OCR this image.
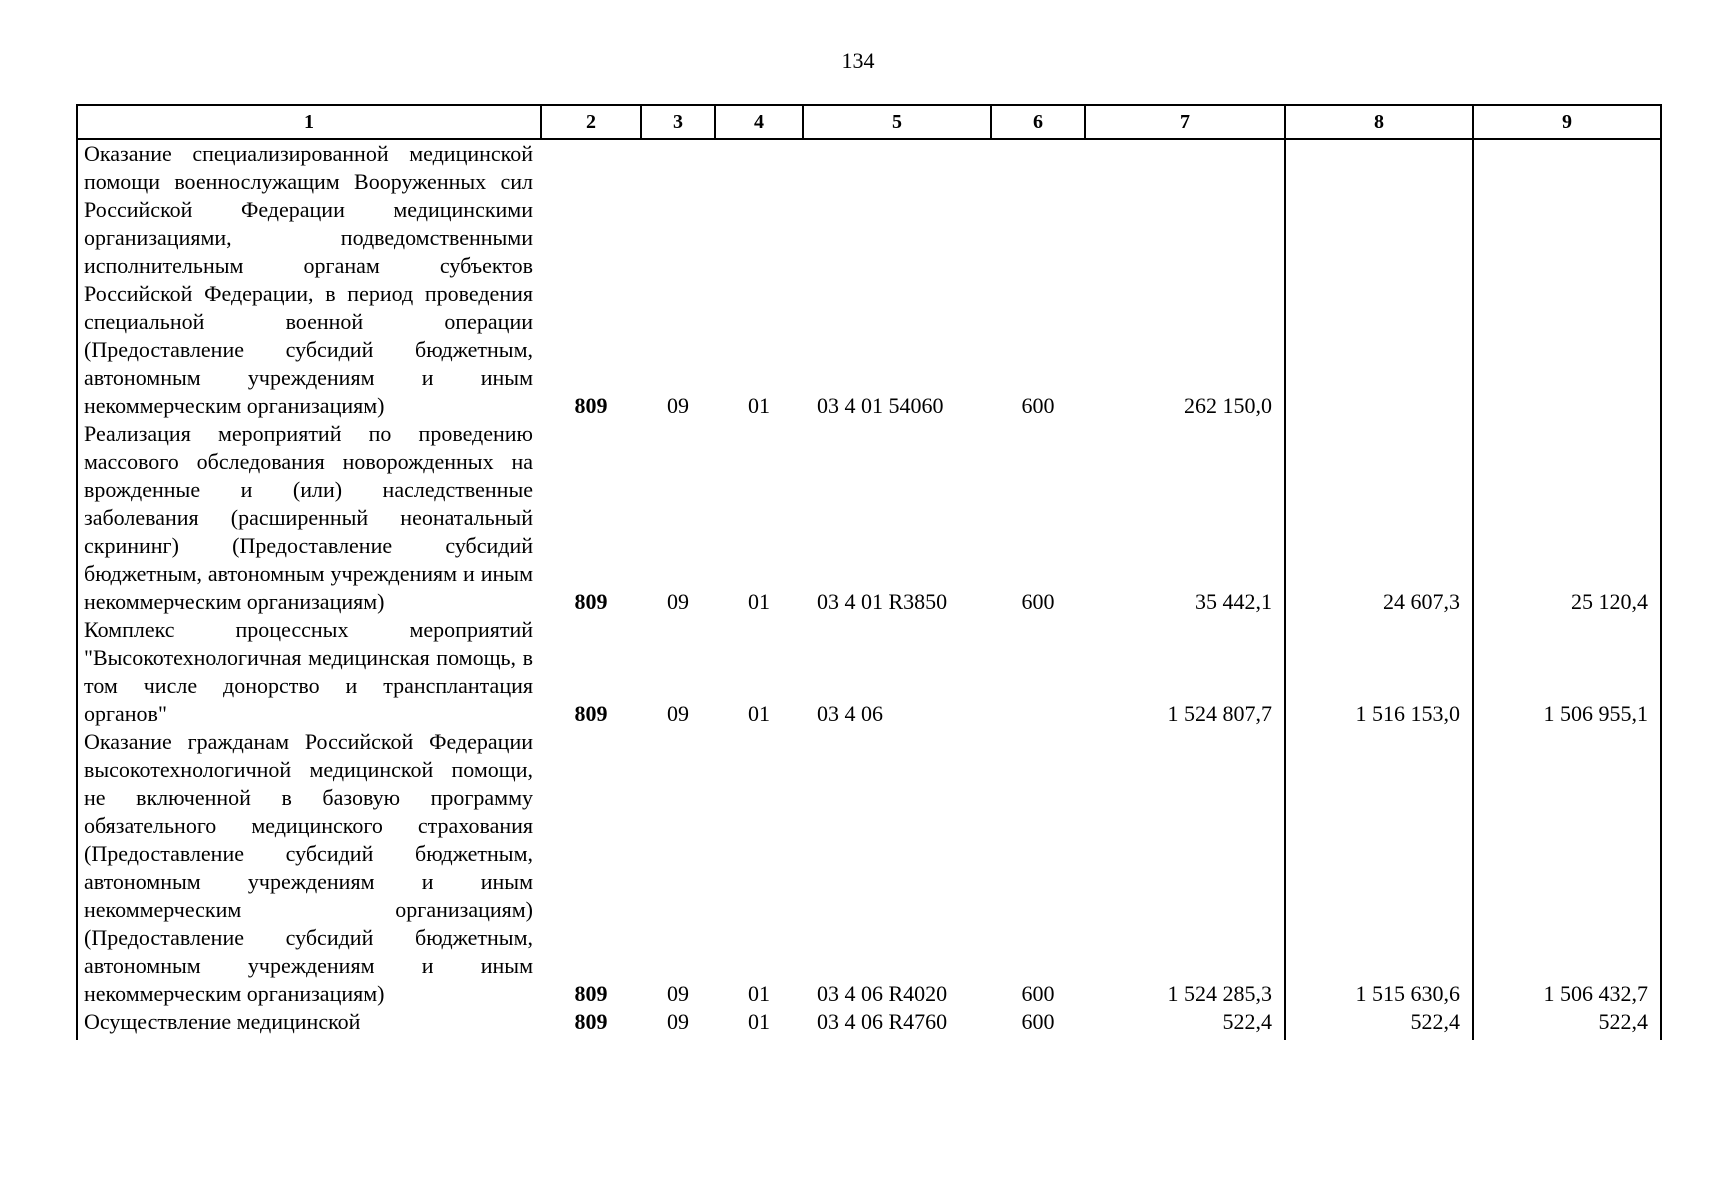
134
1	2	3	4	5	6	7	8	9
Оказание специализированной медицинской помощи военнослужащим Вооруженных сил Российской Федерации медицинскими организациями, подведомственными исполнительным органам субъектов Российской Федерации, в период проведения специальной военной операции (Предоставление субсидий бюджетным, автономным учреждениям и иным некоммерческим организациям)	809	09	01	03 4 01 54060	600	262 150,0		
Реализация мероприятий по проведению массового обследования новорожденных на врожденные и (или) наследственные заболевания (расширенный неонатальный скрининг) (Предоставление субсидий бюджетным, автономным учреждениям и иным некоммерческим организациям)	809	09	01	03 4 01 R3850	600	35 442,1	24 607,3	25 120,4
Комплекс процессных мероприятий "Высокотехнологичная медицинская помощь, в том числе донорство и трансплантация органов"	809	09	01	03 4 06		1 524 807,7	1 516 153,0	1 506 955,1
Оказание гражданам Российской Федерации высокотехнологичной медицинской помощи, не включенной в базовую программу обязательного медицинского страхования (Предоставление субсидий бюджетным, автономным учреждениям и иным некоммерческим организациям) (Предоставление субсидий бюджетным, автономным учреждениям и иным некоммерческим организациям)	809	09	01	03 4 06 R4020	600	1 524 285,3	1 515 630,6	1 506 432,7
Осуществление медицинской	809	09	01	03 4 06 R4760	600	522,4	522,4	522,4
